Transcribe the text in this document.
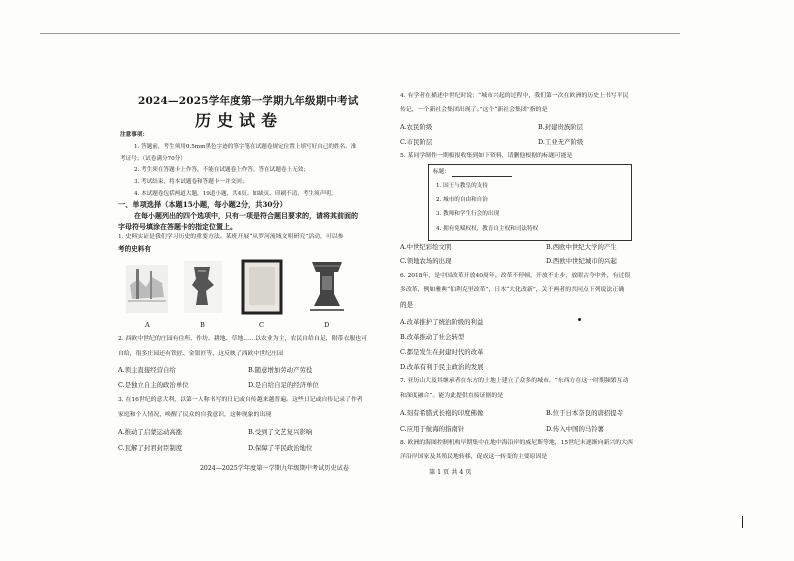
2024—2025学年度第一学期九年级期中考试
历史试卷
注意事项：
1. 答题前，考生须用0.5mm黑色字迹的签字笔在试题卷规定位置上填写好自己的姓名、准
考证号；（试卷满分70分）
2. 考生须在答题卡上作答，不能在试题卷上作答，答在试题卷上无效；
3. 考试结束，将本试题卷和答题卡一并交回；
4. 本试题卷包括两道大题，19道小题，共4页。如缺页、印刷不清，考生须声明。
一、单项选择（本题15小题，每小题2分，共30分）
在每小题列出的四个选项中，只有一项是符合题目要求的，请将其前面的
字母符号填涂在答题卡的指定位置上。
1. 史料实证是我们学习历史的重要方法。某班开展“从罗河流域文明研究”活动，可以参
考的史料有
A	B	C	D
2. 西欧中世纪的庄园有住所、作坊、耕地、草地……以农业为主，农民自给自足，附带衣服也可
自给，很多庄园还有铁匠、金银匠等，这反映了西欧中世纪庄园
A.领主直接经营自给	B.随意增加劳动产劳役
C.是独立自主的政治单位	D.是自给自足的经济单位
3. 在16世纪的意大利，以第一人称书写的日记或自传越来越普遍。这些日记或自传记录了作者
家庭和个人情况，唤醒了民众的自我意识，这种现象的出现
A.推动了启蒙运动高涨	B.受到了文艺复兴影响
C.瓦解了封君封臣制度	D.保障了平民政治地位
2024—2025学年度第一学期九年级期中考试历史试卷
4. 有学者在描述中世纪时说：“城市兴起的过程中，我们第一次在欧洲的历史上书写平民
传记，一个新社会集团出现了。”这个“新社会集团”指的是
A.农民阶级	B.封建贵族阶层
C.市民阶层	D.工业无产阶级
5. 某同学制作一期板报收集到如下资料，请删他根据的标题可能是
标题：
1. 国王与教皇的支持
2. 城市的自由和自治
3. 教师和学生行会的出现
4. 拥有免赋权权，教育自主权和司法特权
A.中世纪彩绘文明	B.西欧中世纪大学的产生
C.领地农场的出现	D.西欧中世纪城市的兴起
6. 2018年，是中国改革开放40周年。改革不停顿，开放不止步，放眼古今中外，有过很
多改革，例如雅典“伯利克里改革”，日本“大化改新”，关于两者的共同点下列说法正确
的是
A.改革推护了统治阶级的利益
B.改革推动了社会转型
C.都是发生在封建时代的改革
D.改革有利于民主政治的发展
7. 亚历山大及其继承者在东方的土地上建立了众多的城市，“东西方在这一时期频繁互动
和深度融合”。能为此提供直接证据的是
A.刻有希腊式长袍的印度佛像	B.位于日本奈良的唐招提寺
C.应用于航海的指南针	D.传入中国的马铃薯
8. 欧洲的海图控制机构早期集中在地中海沿岸的威尼斯等地，15世纪末逐渐向新兴的大西
洋沿岸国家及其殖民地转移，促成这一转变的主要原因是
第 1 页 共 4 页
